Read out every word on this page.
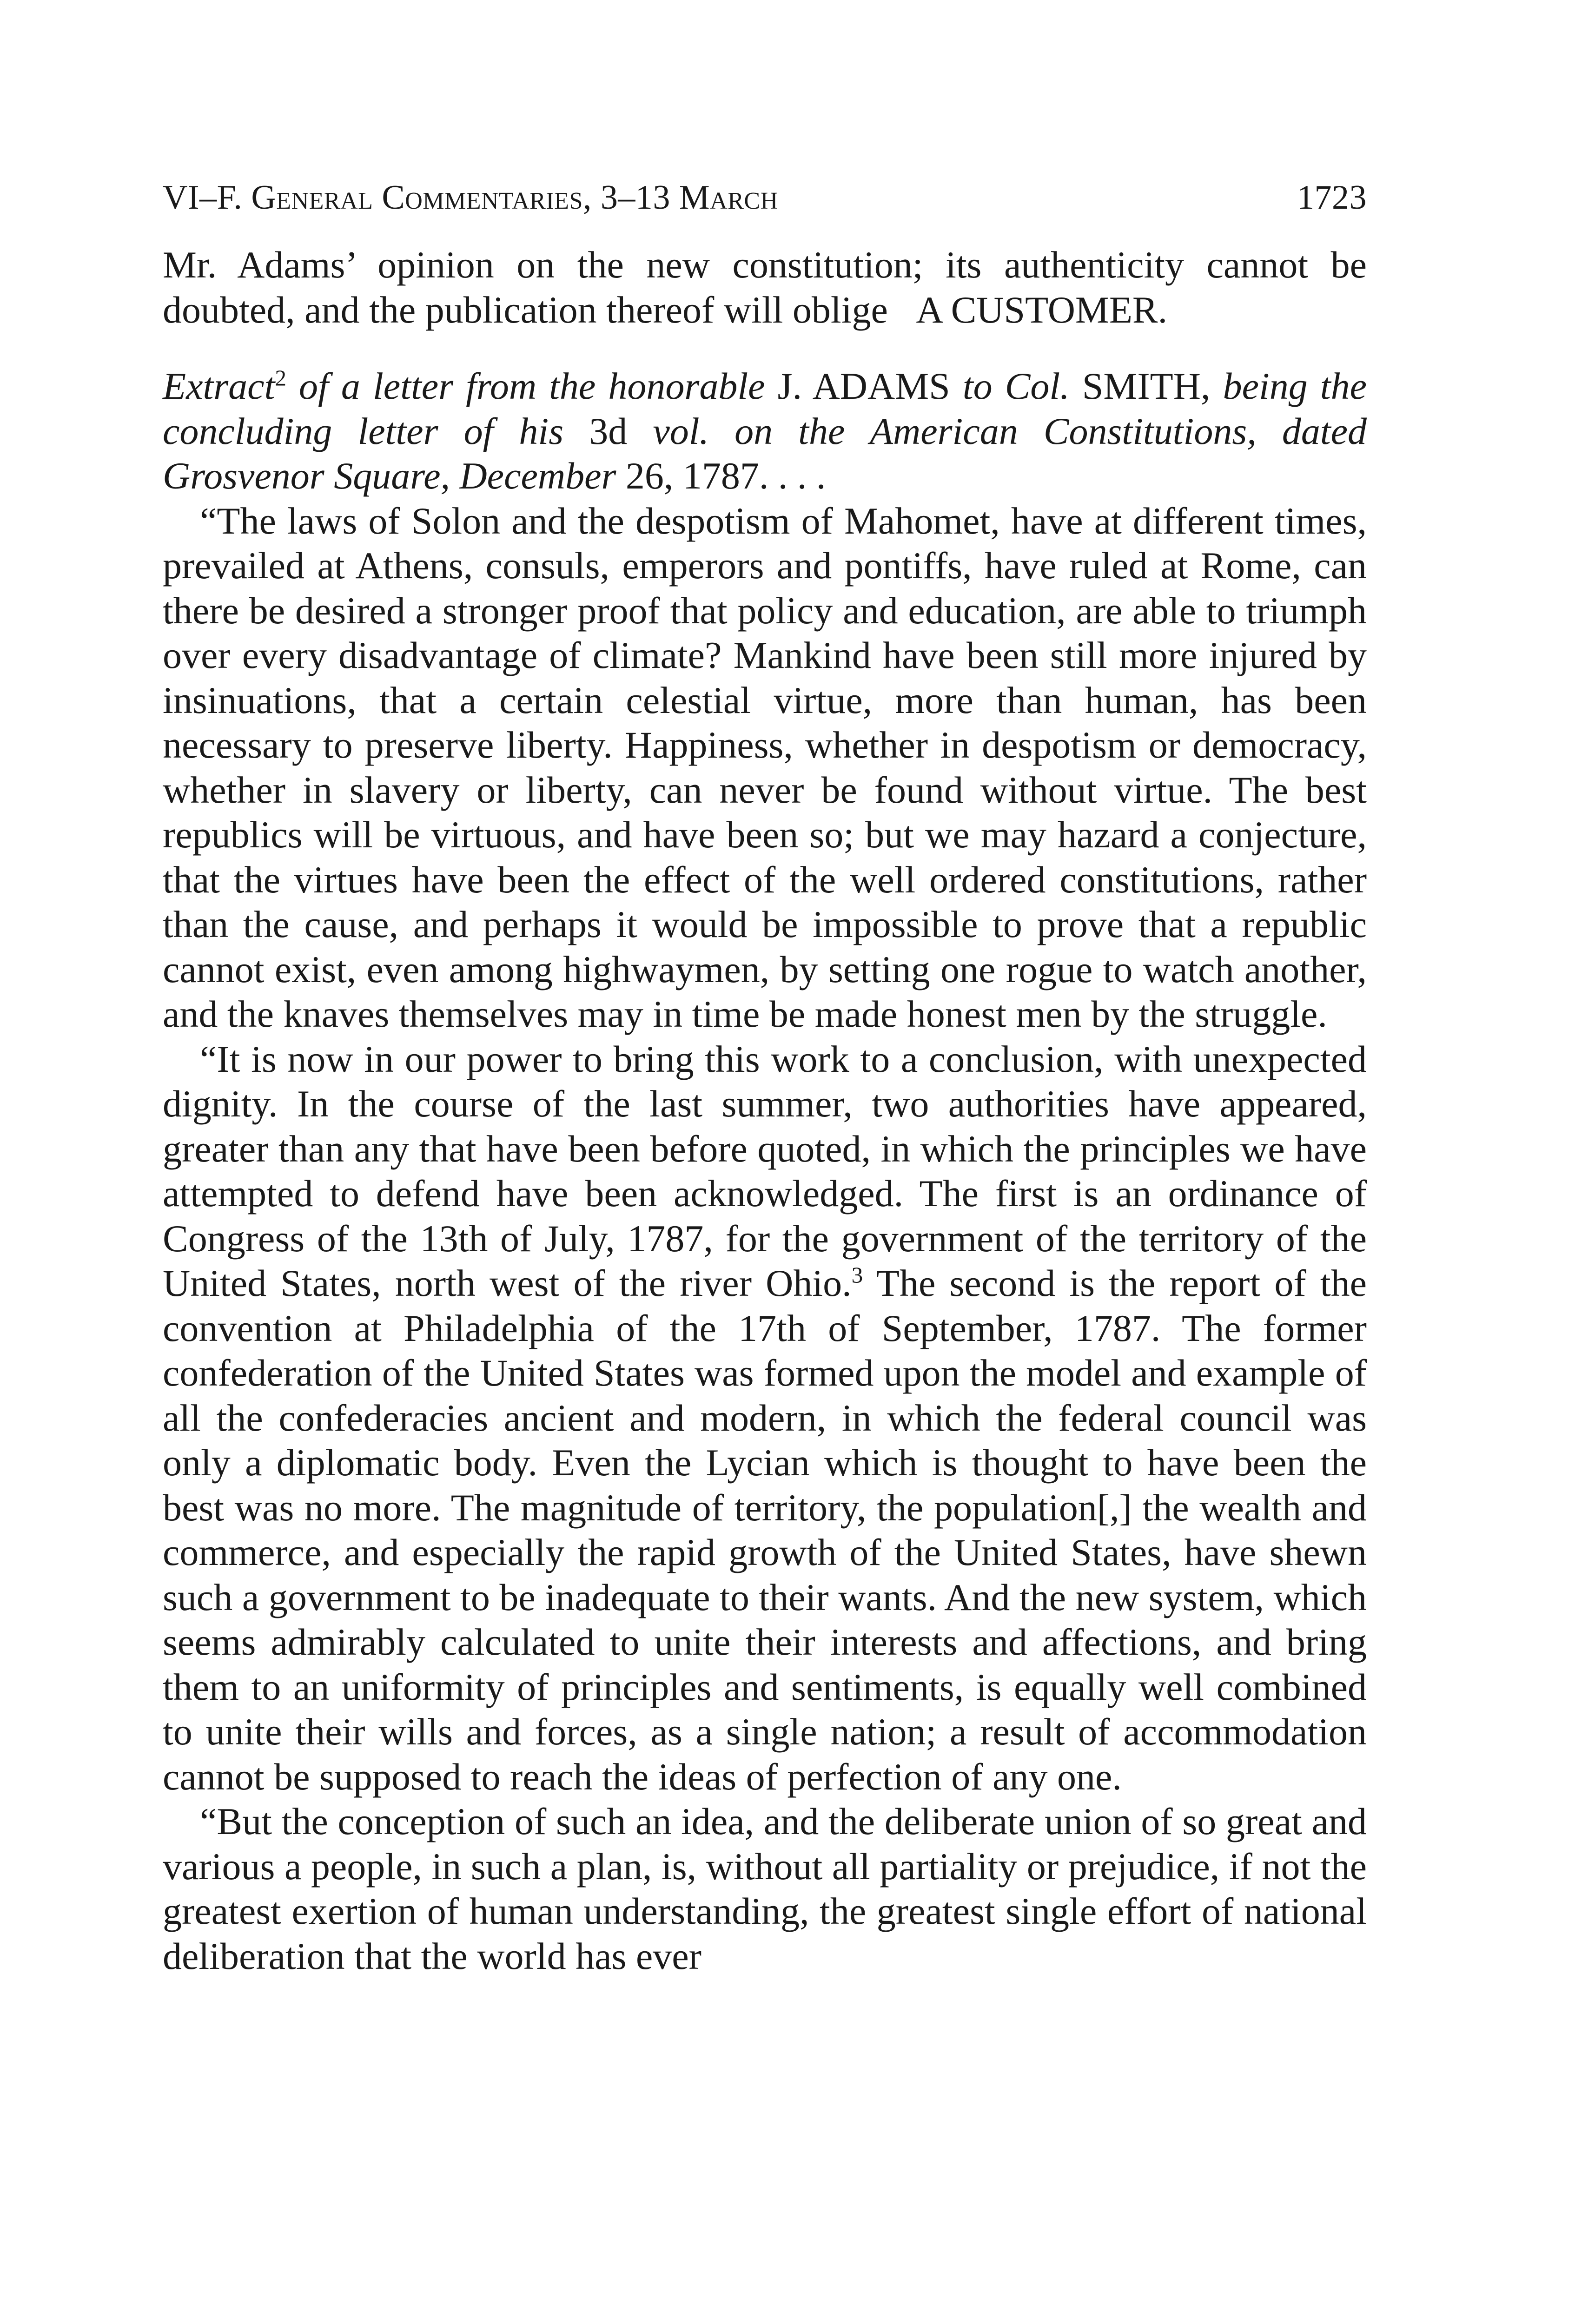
VI–F. General Commentaries, 3–13 March	1723

Mr. Adams’ opinion on the new constitution; its authenticity cannot be doubted, and the publication thereof will oblige A CUSTOMER.

Extract$^2$ of a letter from the honorable J. ADAMS to Col. SMITH, being the concluding letter of his 3d vol. on the American Constitutions, dated Grosvenor Square, December 26, 1787. . . .

“The laws of Solon and the despotism of Mahomet, have at different times, prevailed at Athens, consuls, emperors and pontiffs, have ruled at Rome, can there be desired a stronger proof that policy and education, are able to triumph over every disadvantage of climate? Mankind have been still more injured by insinuations, that a certain celestial virtue, more than human, has been necessary to preserve liberty. Happiness, whether in despotism or democracy, whether in slavery or liberty, can never be found without virtue. The best republics will be virtuous, and have been so; but we may hazard a conjecture, that the virtues have been the effect of the well ordered constitutions, rather than the cause, and perhaps it would be impossible to prove that a republic cannot exist, even among highwaymen, by setting one rogue to watch another, and the knaves themselves may in time be made honest men by the struggle.

“It is now in our power to bring this work to a conclusion, with unexpected dignity. In the course of the last summer, two authorities have appeared, greater than any that have been before quoted, in which the principles we have attempted to defend have been acknowledged. The first is an ordinance of Congress of the 13th of July, 1787, for the government of the territory of the United States, north west of the river Ohio.$^3$ The second is the report of the convention at Philadelphia of the 17th of September, 1787. The former confederation of the United States was formed upon the model and example of all the confederacies ancient and modern, in which the federal council was only a diplomatic body. Even the Lycian which is thought to have been the best was no more. The magnitude of territory, the population[,] the wealth and commerce, and especially the rapid growth of the United States, have shewn such a government to be inadequate to their wants. And the new system, which seems admirably calculated to unite their interests and affections, and bring them to an uniformity of principles and sentiments, is equally well combined to unite their wills and forces, as a single nation; a result of accommodation cannot be supposed to reach the ideas of perfection of any one.

“But the conception of such an idea, and the deliberate union of so great and various a people, in such a plan, is, without all partiality or prejudice, if not the greatest exertion of human understanding, the greatest single effort of national deliberation that the world has ever
